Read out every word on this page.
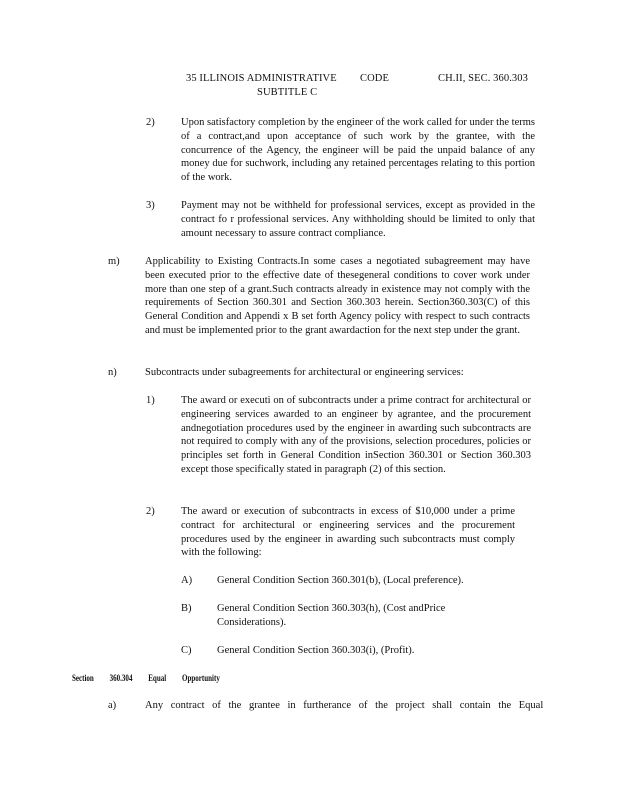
35 ILLINOIS ADMINISTRATIVE CODE	CH.II, SEC. 360.303
SUBTITLE C
2)	Upon satisfactory completion by the engineer of the work called for under the terms of a contract,and upon acceptance of such work by the grantee, with the concurrence of the Agency, the engineer will be paid the unpaid balance of any money due for suchwork, including any retained percentages relating to this portion of the work.
3)	Payment may not be withheld for professional services, except as provided in the contract fo r professional services. Any withholding should be limited to only that amount necessary to assure contract compliance.
m) Applicability to Existing Contracts.In some cases a negotiated subagreement may have been executed prior to the effective date of thesegeneral conditions to cover work under more than one step of a grant.Such contracts already in existence may not comply with the requirements of Section 360.301 and Section 360.303 herein. Section360.303(C) of this General Condition and Appendi x B set forth Agency policy with respect to such contracts and must be implemented prior to the grant awardaction for the next step under the grant.
n)	Subcontracts under subagreements for architectural or engineering services:
1)	The award or executi on of subcontracts under a prime contract for architectural or engineering services awarded to an engineer by agrantee, and the procurement andnegotiation procedures used by the engineer in awarding such subcontracts are not required to comply with any of the provisions, selection procedures, policies or principles set forth in General Condition inSection 360.301 or Section 360.303 except those specifically stated in paragraph (2) of this section.
2)	The award or execution of subcontracts in excess of $10,000 under a prime contract for architectural or engineering services and the procurement procedures used by the engineer in awarding such subcontracts must comply with the following:
A) General Condition Section 360.301(b), (Local preference).
B) General Condition Section 360.303(h), (Cost andPrice Considerations).
C) General Condition Section 360.303(i), (Profit).
Section 360.304 Equal Opportunity
a)	Any contract of the grantee in furtherance of the project shall contain the Equal
